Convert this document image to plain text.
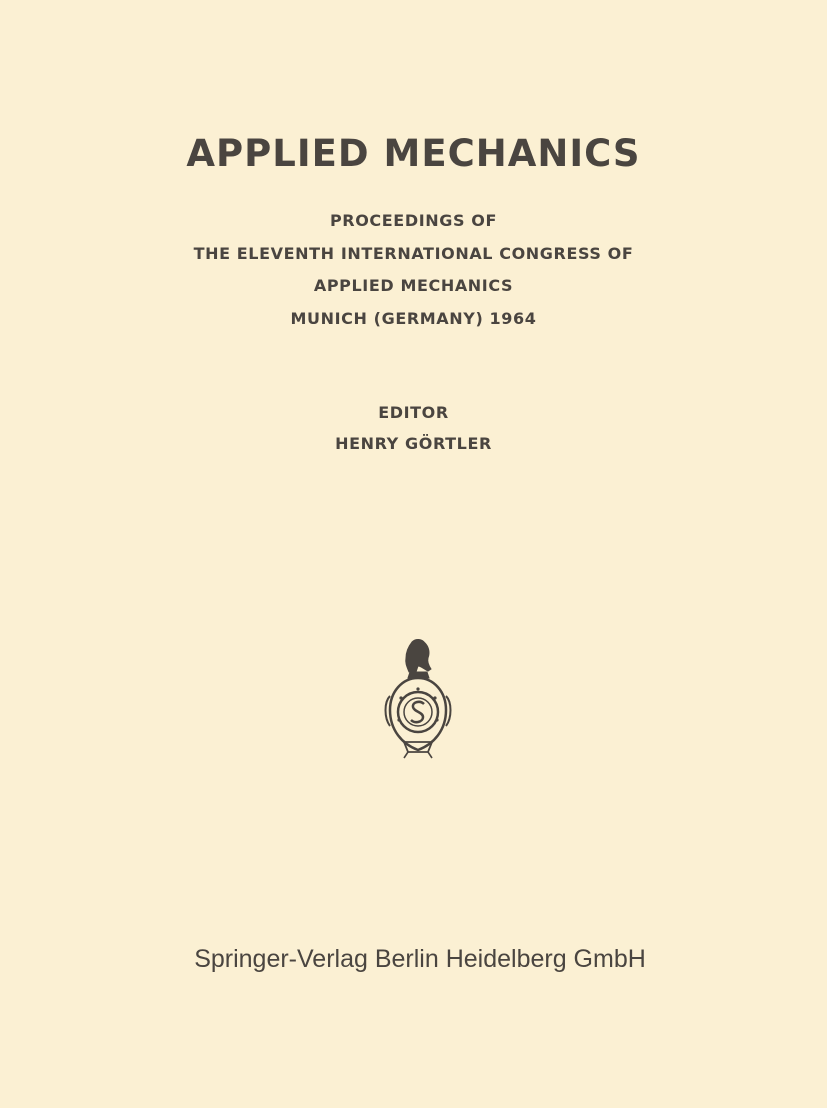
APPLIED MECHANICS
PROCEEDINGS OF
THE ELEVENTH INTERNATIONAL CONGRESS OF
APPLIED MECHANICS
MUNICH (GERMANY) 1964
EDITOR
HENRY GÖRTLER
Springer-Verlag Berlin Heidelberg GmbH
